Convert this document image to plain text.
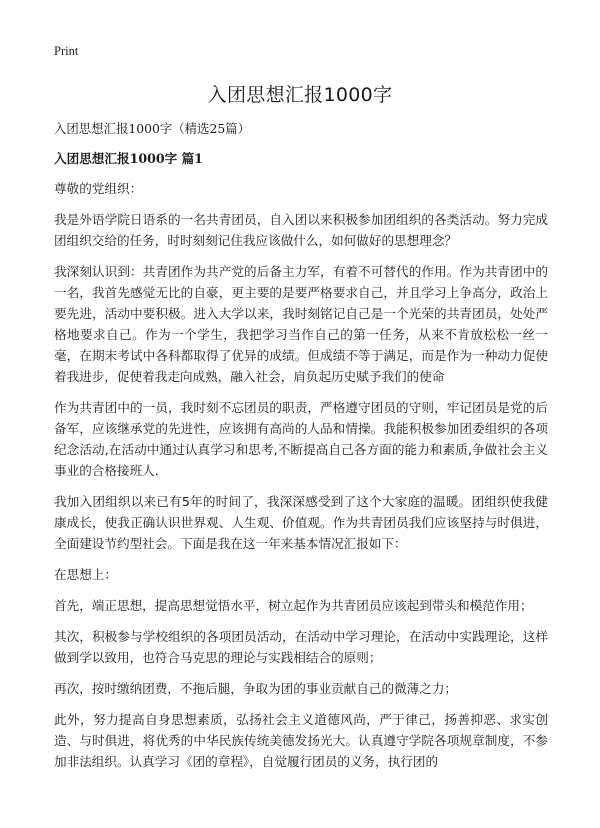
Print
入团思想汇报1000字

入团思想汇报1000字（精选25篇）

入团思想汇报1000字 篇1

尊敬的党组织：

我是外语学院日语系的一名共青团员，自入团以来积极参加团组织的各类活动。努力完成团组织交给的任务，时时刻刻记住我应该做什么，如何做好的思想理念？

我深刻认识到：共青团作为共产党的后备主力军，有着不可替代的作用。作为共青团中的一名，我首先感觉无比的自豪，更主要的是要严格要求自己，并且学习上争高分，政治上要先进，活动中要积极。进入大学以来，我时刻铭记自己是一个光荣的共青团员，处处严格地要求自己。作为一个学生，我把学习当作自己的第一任务，从来不肯放松松一丝一毫，在期末考试中各科都取得了优异的成绩。但成绩不等于满足，而是作为一种动力促使着我进步，促使着我走向成熟，融入社会，肩负起历史赋予我们的使命

作为共青团中的一员，我时刻不忘团员的职责，严格遵守团员的守则，牢记团员是党的后备军，应该继承党的先进性，应该拥有高尚的人品和情操。我能积极参加团委组织的各项纪念活动,在活动中通过认真学习和思考,不断提高自己各方面的能力和素质,争做社会主义事业的合格接班人.

我加入团组织以来已有5年的时间了，我深深感受到了这个大家庭的温暖。团组织使我健康成长，使我正确认识世界观、人生观、价值观。作为共青团员我们应该坚持与时俱进，全面建设节约型社会。下面是我在这一年来基本情况汇报如下：

在思想上：

首先，端正思想，提高思想觉悟水平，树立起作为共青团员应该起到带头和模范作用；

其次，积极参与学校组织的各项团员活动，在活动中学习理论，在活动中实践理论，这样做到学以致用，也符合马克思的理论与实践相结合的原则；

再次，按时缴纳团费，不拖后腿，争取为团的事业贡献自己的微薄之力；

此外，努力提高自身思想素质，弘扬社会主义道德风尚，严于律己，扬善抑恶、求实创造、与时俱进，将优秀的中华民族传统美德发扬光大。认真遵守学院各项规章制度，不参加非法组织。认真学习《团的章程》，自觉履行团员的义务，执行团的
